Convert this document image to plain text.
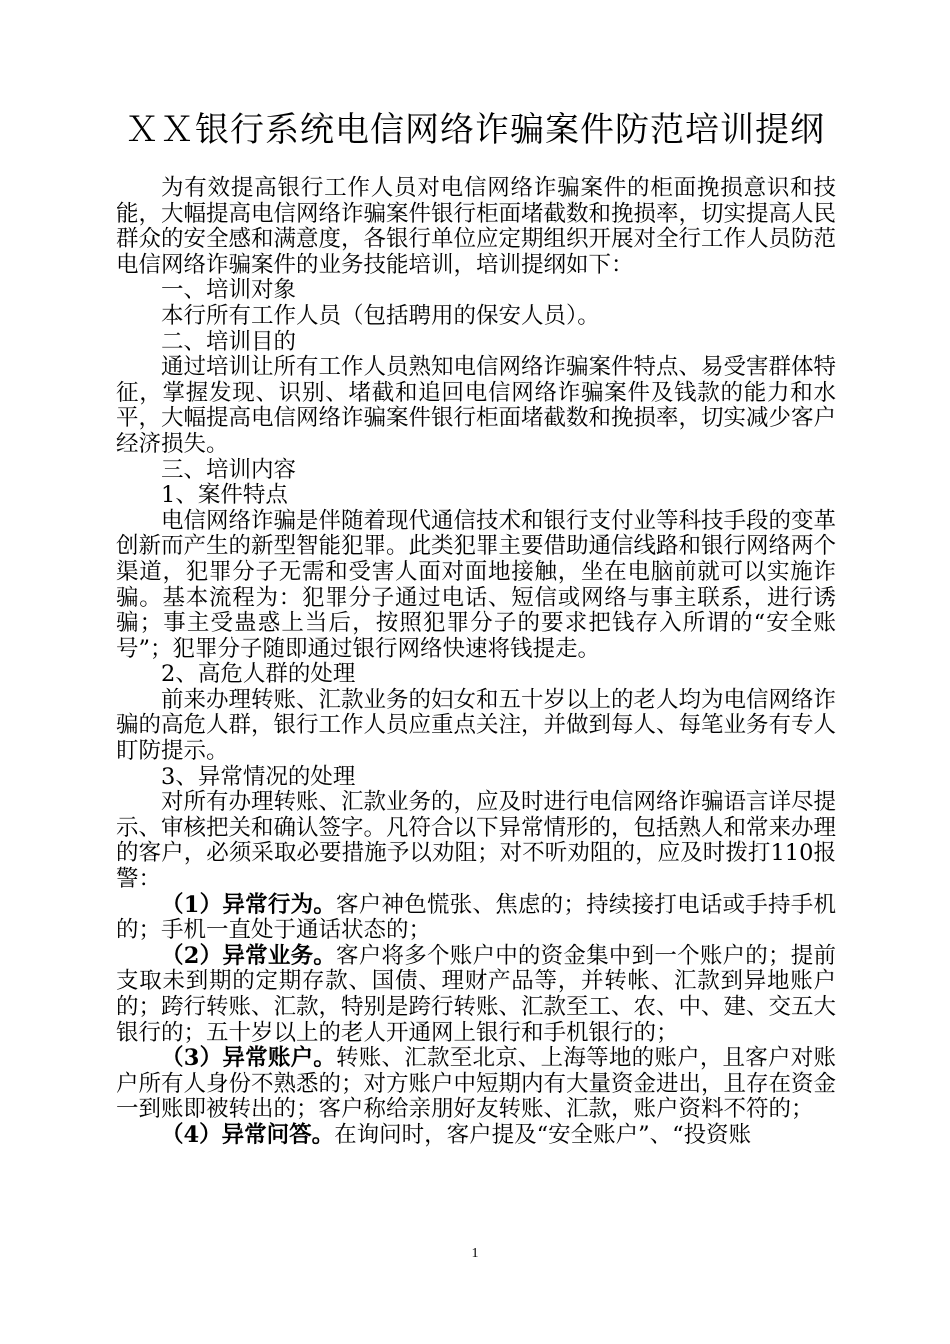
ＸＸ银行系统电信网络诈骗案件防范培训提纲

为有效提高银行工作人员对电信网络诈骗案件的柜面挽损意识和技能，大幅提高电信网络诈骗案件银行柜面堵截数和挽损率，切实提高人民群众的安全感和满意度，各银行单位应定期组织开展对全行工作人员防范电信网络诈骗案件的业务技能培训，培训提纲如下：

一、培训对象

本行所有工作人员（包括聘用的保安人员）。

二、培训目的

通过培训让所有工作人员熟知电信网络诈骗案件特点、易受害群体特征，掌握发现、识别、堵截和追回电信网络诈骗案件及钱款的能力和水平，大幅提高电信网络诈骗案件银行柜面堵截数和挽损率，切实减少客户经济损失。

三、培训内容

1、案件特点

电信网络诈骗是伴随着现代通信技术和银行支付业等科技手段的变革创新而产生的新型智能犯罪。此类犯罪主要借助通信线路和银行网络两个渠道，犯罪分子无需和受害人面对面地接触，坐在电脑前就可以实施诈骗。基本流程为：犯罪分子通过电话、短信或网络与事主联系，进行诱骗；事主受蛊惑上当后，按照犯罪分子的要求把钱存入所谓的“安全账号”；犯罪分子随即通过银行网络快速将钱提走。

2、高危人群的处理

前来办理转账、汇款业务的妇女和五十岁以上的老人均为电信网络诈骗的高危人群，银行工作人员应重点关注，并做到每人、每笔业务有专人盯防提示。

3、异常情况的处理

对所有办理转账、汇款业务的，应及时进行电信网络诈骗语言详尽提示、审核把关和确认签字。凡符合以下异常情形的，包括熟人和常来办理的客户，必须采取必要措施予以劝阻；对不听劝阻的，应及时拨打110报警：

（1）异常行为。客户神色慌张、焦虑的；持续接打电话或手持手机的；手机一直处于通话状态的；

（2）异常业务。客户将多个账户中的资金集中到一个账户的；提前支取未到期的定期存款、国债、理财产品等，并转帐、汇款到异地账户的；跨行转账、汇款，特别是跨行转账、汇款至工、农、中、建、交五大银行的；五十岁以上的老人开通网上银行和手机银行的；

（3）异常账户。转账、汇款至北京、上海等地的账户，且客户对账户所有人身份不熟悉的；对方账户中短期内有大量资金进出，且存在资金一到账即被转出的；客户称给亲朋好友转账、汇款，账户资料不符的；

（4）异常问答。在询问时，客户提及“安全账户”、“投资账

1
